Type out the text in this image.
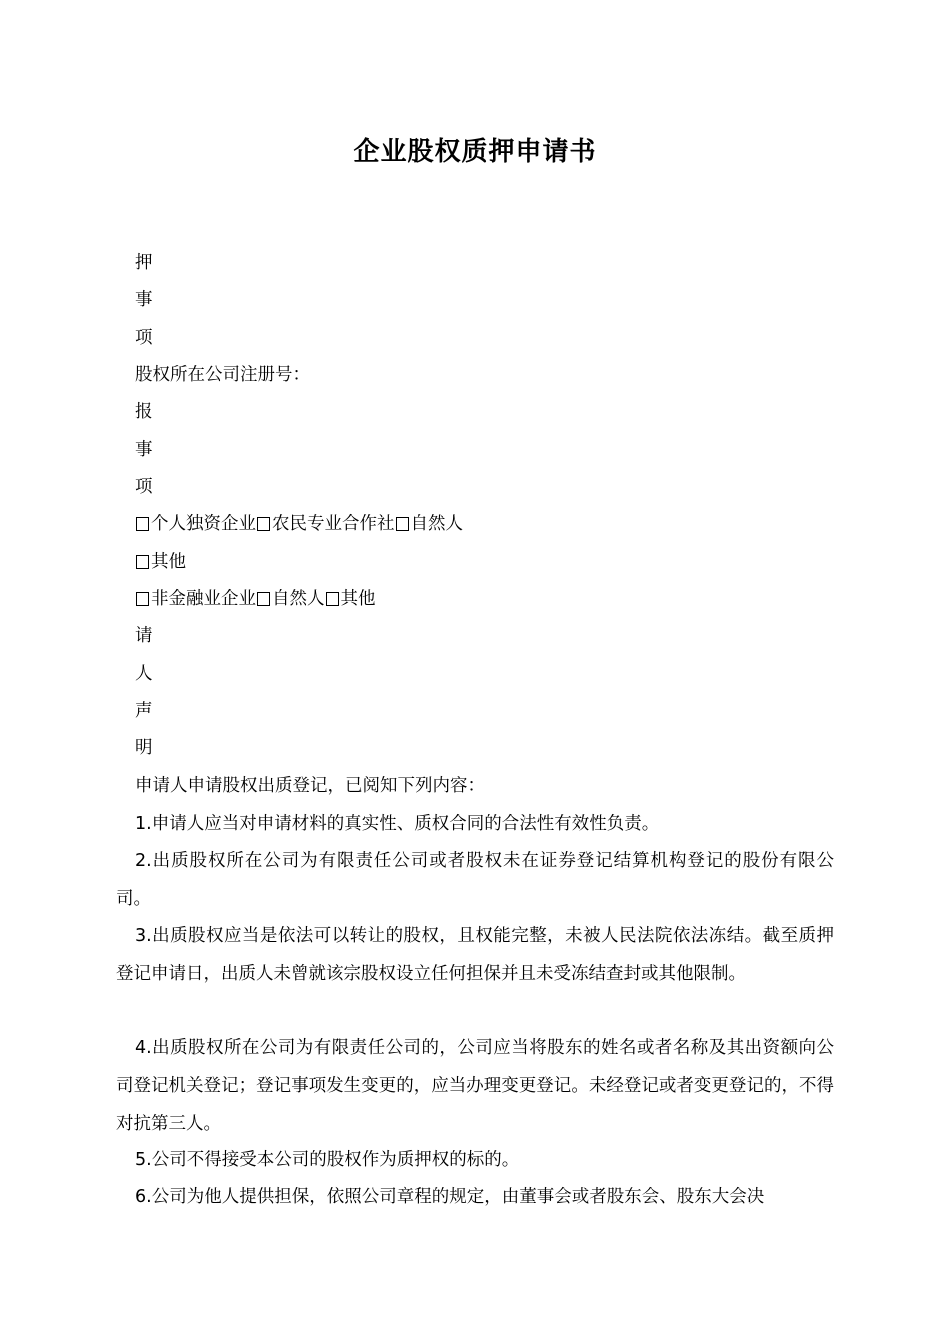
企业股权质押申请书
押
事
项
股权所在公司注册号：
报
事
项
个人独资企业 农民专业合作社 自然人
其他
非金融业企业 自然人 其他
请
人
声
明
申请人申请股权出质登记，已阅知下列内容：
1.申请人应当对申请材料的真实性、质权合同的合法性有效性负责。
2.出质股权所在公司为有限责任公司或者股权未在证券登记结算机构登记的股份有限公司。
3.出质股权应当是依法可以转让的股权，且权能完整，未被人民法院依法冻结。截至质押登记申请日，出质人未曾就该宗股权设立任何担保并且未受冻结查封或其他限制。
4.出质股权所在公司为有限责任公司的，公司应当将股东的姓名或者名称及其出资额向公司登记机关登记；登记事项发生变更的，应当办理变更登记。未经登记或者变更登记的，不得对抗第三人。
5.公司不得接受本公司的股权作为质押权的标的。
6.公司为他人提供担保，依照公司章程的规定，由董事会或者股东会、股东大会决
